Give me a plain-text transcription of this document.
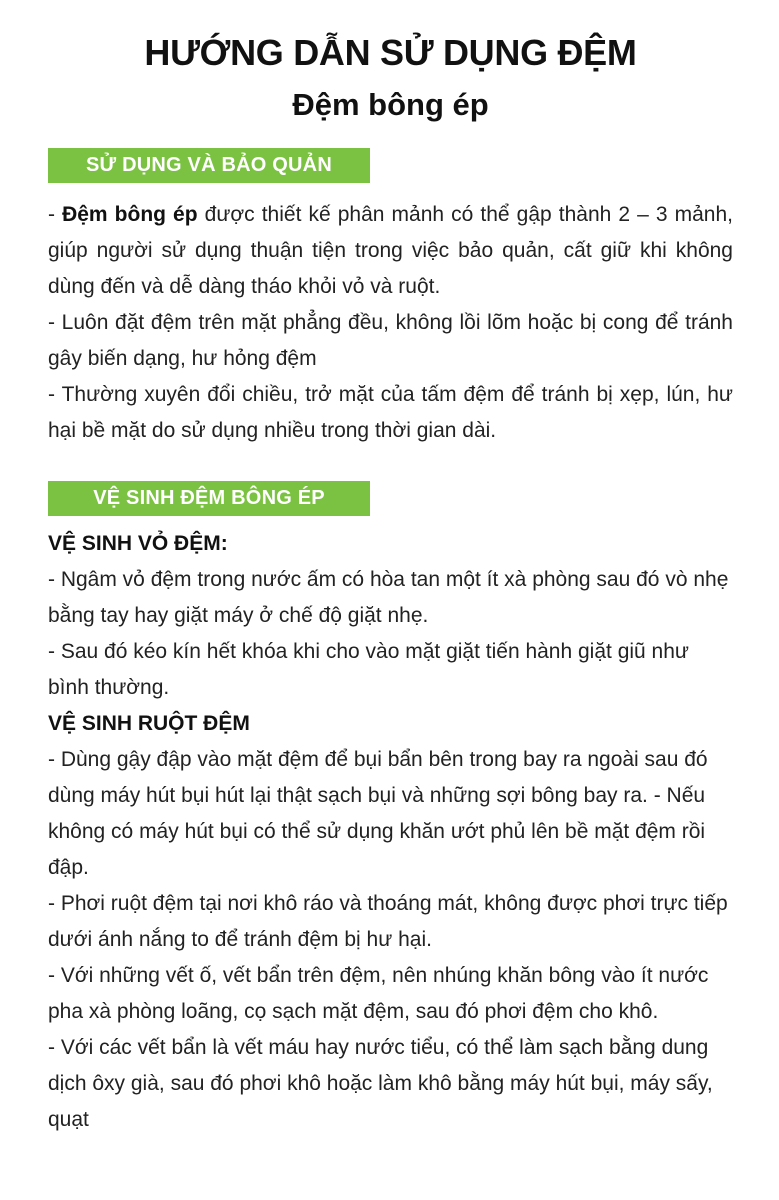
HƯỚNG DẪN SỬ DỤNG ĐỆM
Đệm bông ép
SỬ DỤNG VÀ BẢO QUẢN

- Đệm bông ép được thiết kế phân mảnh có thể gập thành 2 – 3 mảnh, giúp người sử dụng thuận tiện trong việc bảo quản, cất giữ khi không dùng đến và dễ dàng tháo khỏi vỏ và ruột.

- Luôn đặt đệm trên mặt phẳng đều, không lồi lõm hoặc bị cong để tránh gây biến dạng, hư hỏng đệm

- Thường xuyên đổi chiều, trở mặt của tấm đệm để tránh bị xẹp, lún, hư hại bề mặt do sử dụng nhiều trong thời gian dài.

VỆ SINH ĐỆM BÔNG ÉP

VỆ SINH VỎ ĐỆM:

- Ngâm vỏ đệm trong nước ấm có hòa tan một ít xà phòng sau đó vò nhẹ bằng tay hay giặt máy ở chế độ giặt nhẹ.

- Sau đó kéo kín hết khóa khi cho vào mặt giặt tiến hành giặt giũ như bình thường.

VỆ SINH RUỘT ĐỆM

- Dùng gậy đập vào mặt đệm để bụi bẩn bên trong bay ra ngoài sau đó dùng máy hút bụi hút lại thật sạch bụi và những sợi bông bay ra. - Nếu không có máy hút bụi có thể sử dụng khăn ướt phủ lên bề mặt đệm rồi đập.

- Phơi ruột đệm tại nơi khô ráo và thoáng mát, không được phơi trực tiếp dưới ánh nắng to để tránh đệm bị hư hại.

- Với những vết ố, vết bẩn trên đệm, nên nhúng khăn bông vào ít nước pha xà phòng loãng, cọ sạch mặt đệm, sau đó phơi đệm cho khô.

- Với các vết bẩn là vết máu hay nước tiểu, có thể làm sạch bằng dung dịch ôxy già, sau đó phơi khô hoặc làm khô bằng máy hút bụi, máy sấy, quạt
